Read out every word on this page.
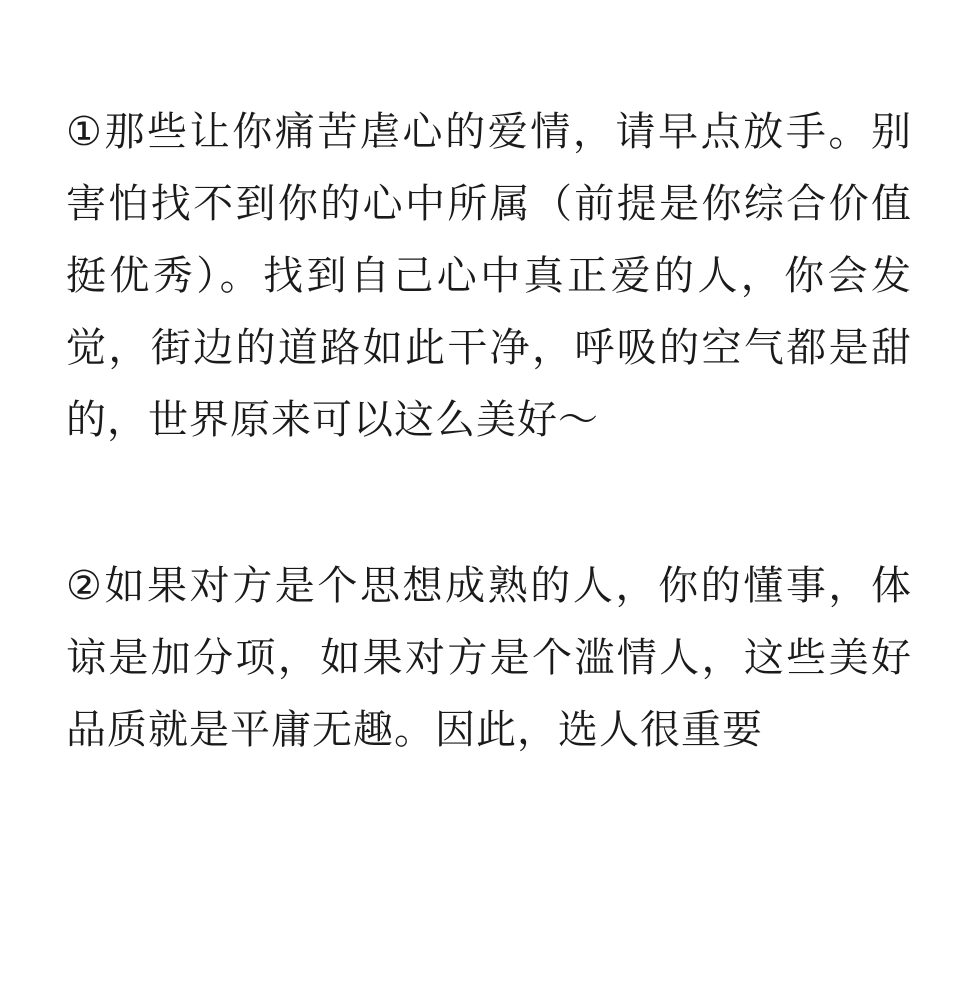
①那些让你痛苦虐心的爱情，请早点放手。别
害怕找不到你的心中所属（前提是你综合价值
挺优秀）。找到自己心中真正爱的人，你会发
觉，街边的道路如此干净，呼吸的空气都是甜
的，世界原来可以这么美好～

②如果对方是个思想成熟的人，你的懂事，体
谅是加分项，如果对方是个滥情人，这些美好
品质就是平庸无趣。因此，选人很重要
